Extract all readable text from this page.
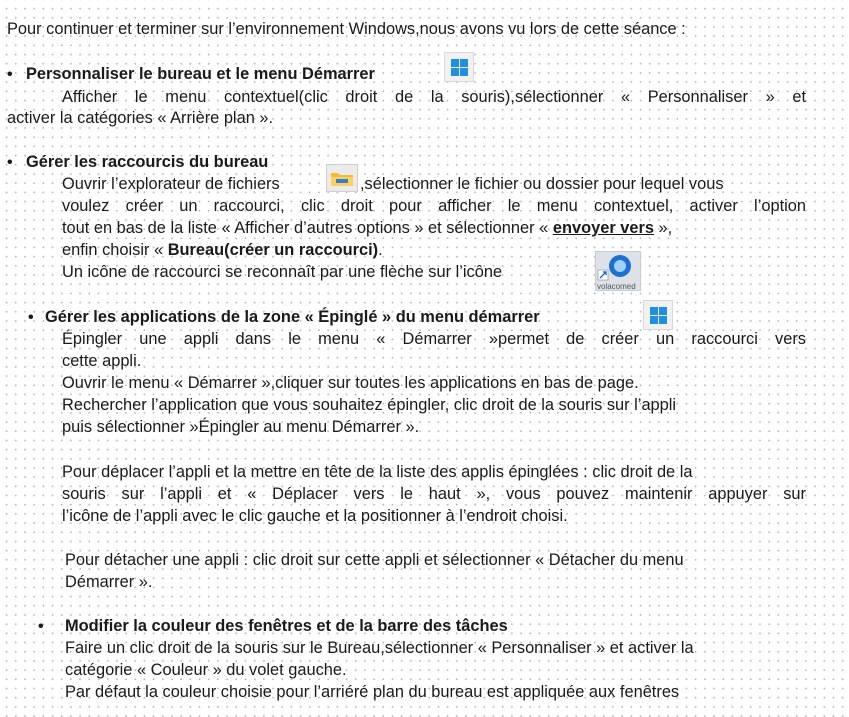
Pour continuer et terminer sur l’environnement Windows,nous avons vu lors de cette séance :
• Personnaliser le bureau et le menu Démarrer
Afficher le menu contextuel(clic droit de la souris),sélectionner « Personnaliser » et
activer la catégories « Arrière plan ».
• Gérer les raccourcis du bureau
Ouvrir l’explorateur de fichiers	,sélectionner le fichier ou dossier pour lequel vous
voulez créer un raccourci, clic droit pour afficher le menu contextuel, activer l’option
tout en bas de la liste « Afficher d’autres options » et sélectionner « envoyer vers »,
enfin choisir « Bureau(créer un raccourci).
Un icône de raccourci se reconnaît par une flèche sur l’icône
volacomed
• Gérer les applications de la zone « Épinglé » du menu démarrer
Épingler une appli dans le menu « Démarrer »permet de créer un raccourci vers
cette appli.
Ouvrir le menu « Démarrer »,cliquer sur toutes les applications en bas de page.
Rechercher l’application que vous souhaitez épingler, clic droit de la souris sur l’appli
puis sélectionner »Épingler au menu Démarrer ».
Pour déplacer l’appli et la mettre en tête de la liste des applis épinglées : clic droit de la
souris sur l’appli et « Déplacer vers le haut », vous pouvez maintenir appuyer sur
l’icône de l’appli avec le clic gauche et la positionner à l’endroit choisi.
Pour détacher une appli : clic droit sur cette appli et sélectionner « Détacher du menu
Démarrer ».
• Modifier la couleur des fenêtres et de la barre des tâches
Faire un clic droit de la souris sur le Bureau,sélectionner « Personnaliser » et activer la
catégorie « Couleur » du volet gauche.
Par défaut la couleur choisie pour l’arriéré plan du bureau est appliquée aux fenêtres
